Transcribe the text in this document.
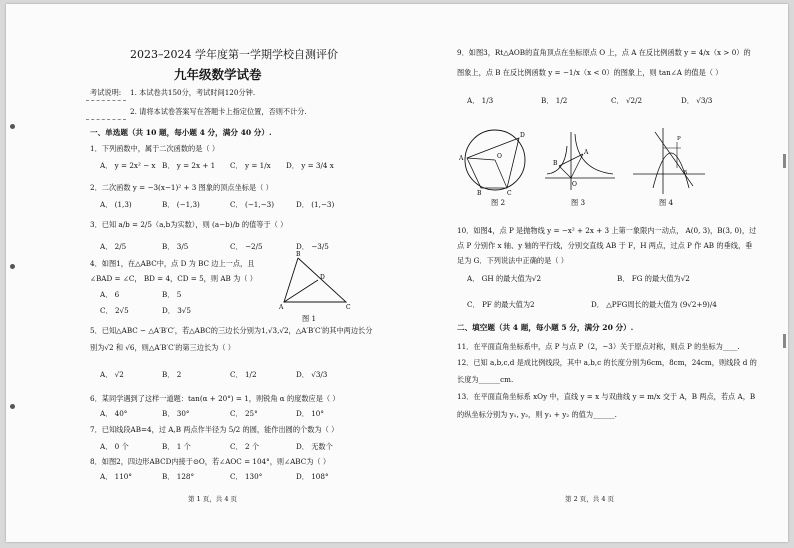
2023–2024 学年度第一学期学校自测评价
九年级数学试卷
考试说明: 1. 本试卷共150分，考试时间120分钟.
2. 请将本试卷答案写在答题卡上指定位置，否则不计分.
一、单选题（共 10 题，每小题 4 分，满分 40 分）.
1．下列函数中，属于二次函数的是（ ）
A． y = 2x² − x B． y = 2x + 1 C． y = 1/x D． y = 3/4 x
2．二次函数 y = −3(x−1)² + 3 图象的顶点坐标是（ ）
A． (1,3)	B． (−1,3)	C． (−1,−3)	D． (1,−3)
3．已知 a/b = 2/5（a,b为实数），则 (a−b)/b 的值等于（ ）
A． 2/5	B． 3/5	C． −2/5	D． −3/5
4．如图1，在△ABC中，点 D 为 BC 边上一点，且
∠BAD = ∠C， BD = 4，CD = 5，则 AB 为（ ）
A． 6	B． 5
C． 2√5	D． 3√5
B
D
A	C
图 1
5．已知△ABC ∽ △A′B′C′，若△ABC的三边长分别为1,√3,√2，△A′B′C′的其中两边长分
别为√2 和 √6，则△A′B′C′的第三边长为（ ）
A． √2	B． 2	C． 1/2	D． √3/3
6．某同学遇到了这样一道题：tan(α + 20°) = 1，则锐角 α 的度数应是（ ）
A． 40°	B． 30°	C． 25°	D． 10°
7．已知线段AB=4，过 A,B 两点作半径为 5/2 的圆，能作出圆的个数为（ ）
A． 0 个	B． 1 个	C． 2 个	D． 无数个
8．如图2，四边形ABCD内接于⊙O，若∠AOC = 104°，则∠ABC为（ ）
A． 110°	B． 128°	C． 130°	D． 108°
第 1 页，共 4 页
9．如图3，Rt△AOB的直角顶点在坐标原点 O 上，点 A 在反比例函数 y = 4/x（x > 0）的
图象上，点 B 在反比例函数 y = −1/x（x < 0）的图象上，则 tan∠A 的值是（ ）
A． 1/3	B． 1/2	C． √2/2	D． √3/3
A	O
B	C
D
图 2
B
A
O
图 3
P
B
图 4
10．如图4，点 P 是抛物线 y = −x² + 2x + 3 上第一象限内一动点， A(0, 3)，B(3, 0)，过
点 P 分别作 x 轴、y 轴的平行线，分别交直线 AB 于 F，H 两点，过点 P 作 AB 的垂线，垂
足为 G．下列说法中正确的是（ ）
A． GH 的最大值为√2	B． FG 的最大值为√2
C． PF 的最大值为2	D． △PFG周长的最大值为 (9√2+9)/4
二、填空题（共 4 题，每小题 5 分，满分 20 分）.
11．在平面直角坐标系中，点 P 与点 P（2，−3）关于原点对称，则点 P 的坐标为____.
12．已知 a,b,c,d 是成比例线段，其中 a,b,c 的长度分别为6cm，8cm，24cm，则线段 d 的
长度为______cm.
13．在平面直角坐标系 xOy 中，直线 y = x 与双曲线 y = m/x 交于 A，B 两点，若点 A，B
的纵坐标分别为 y₁, y₂，则 y₁ + y₂ 的值为______.
第 2 页，共 4 页
